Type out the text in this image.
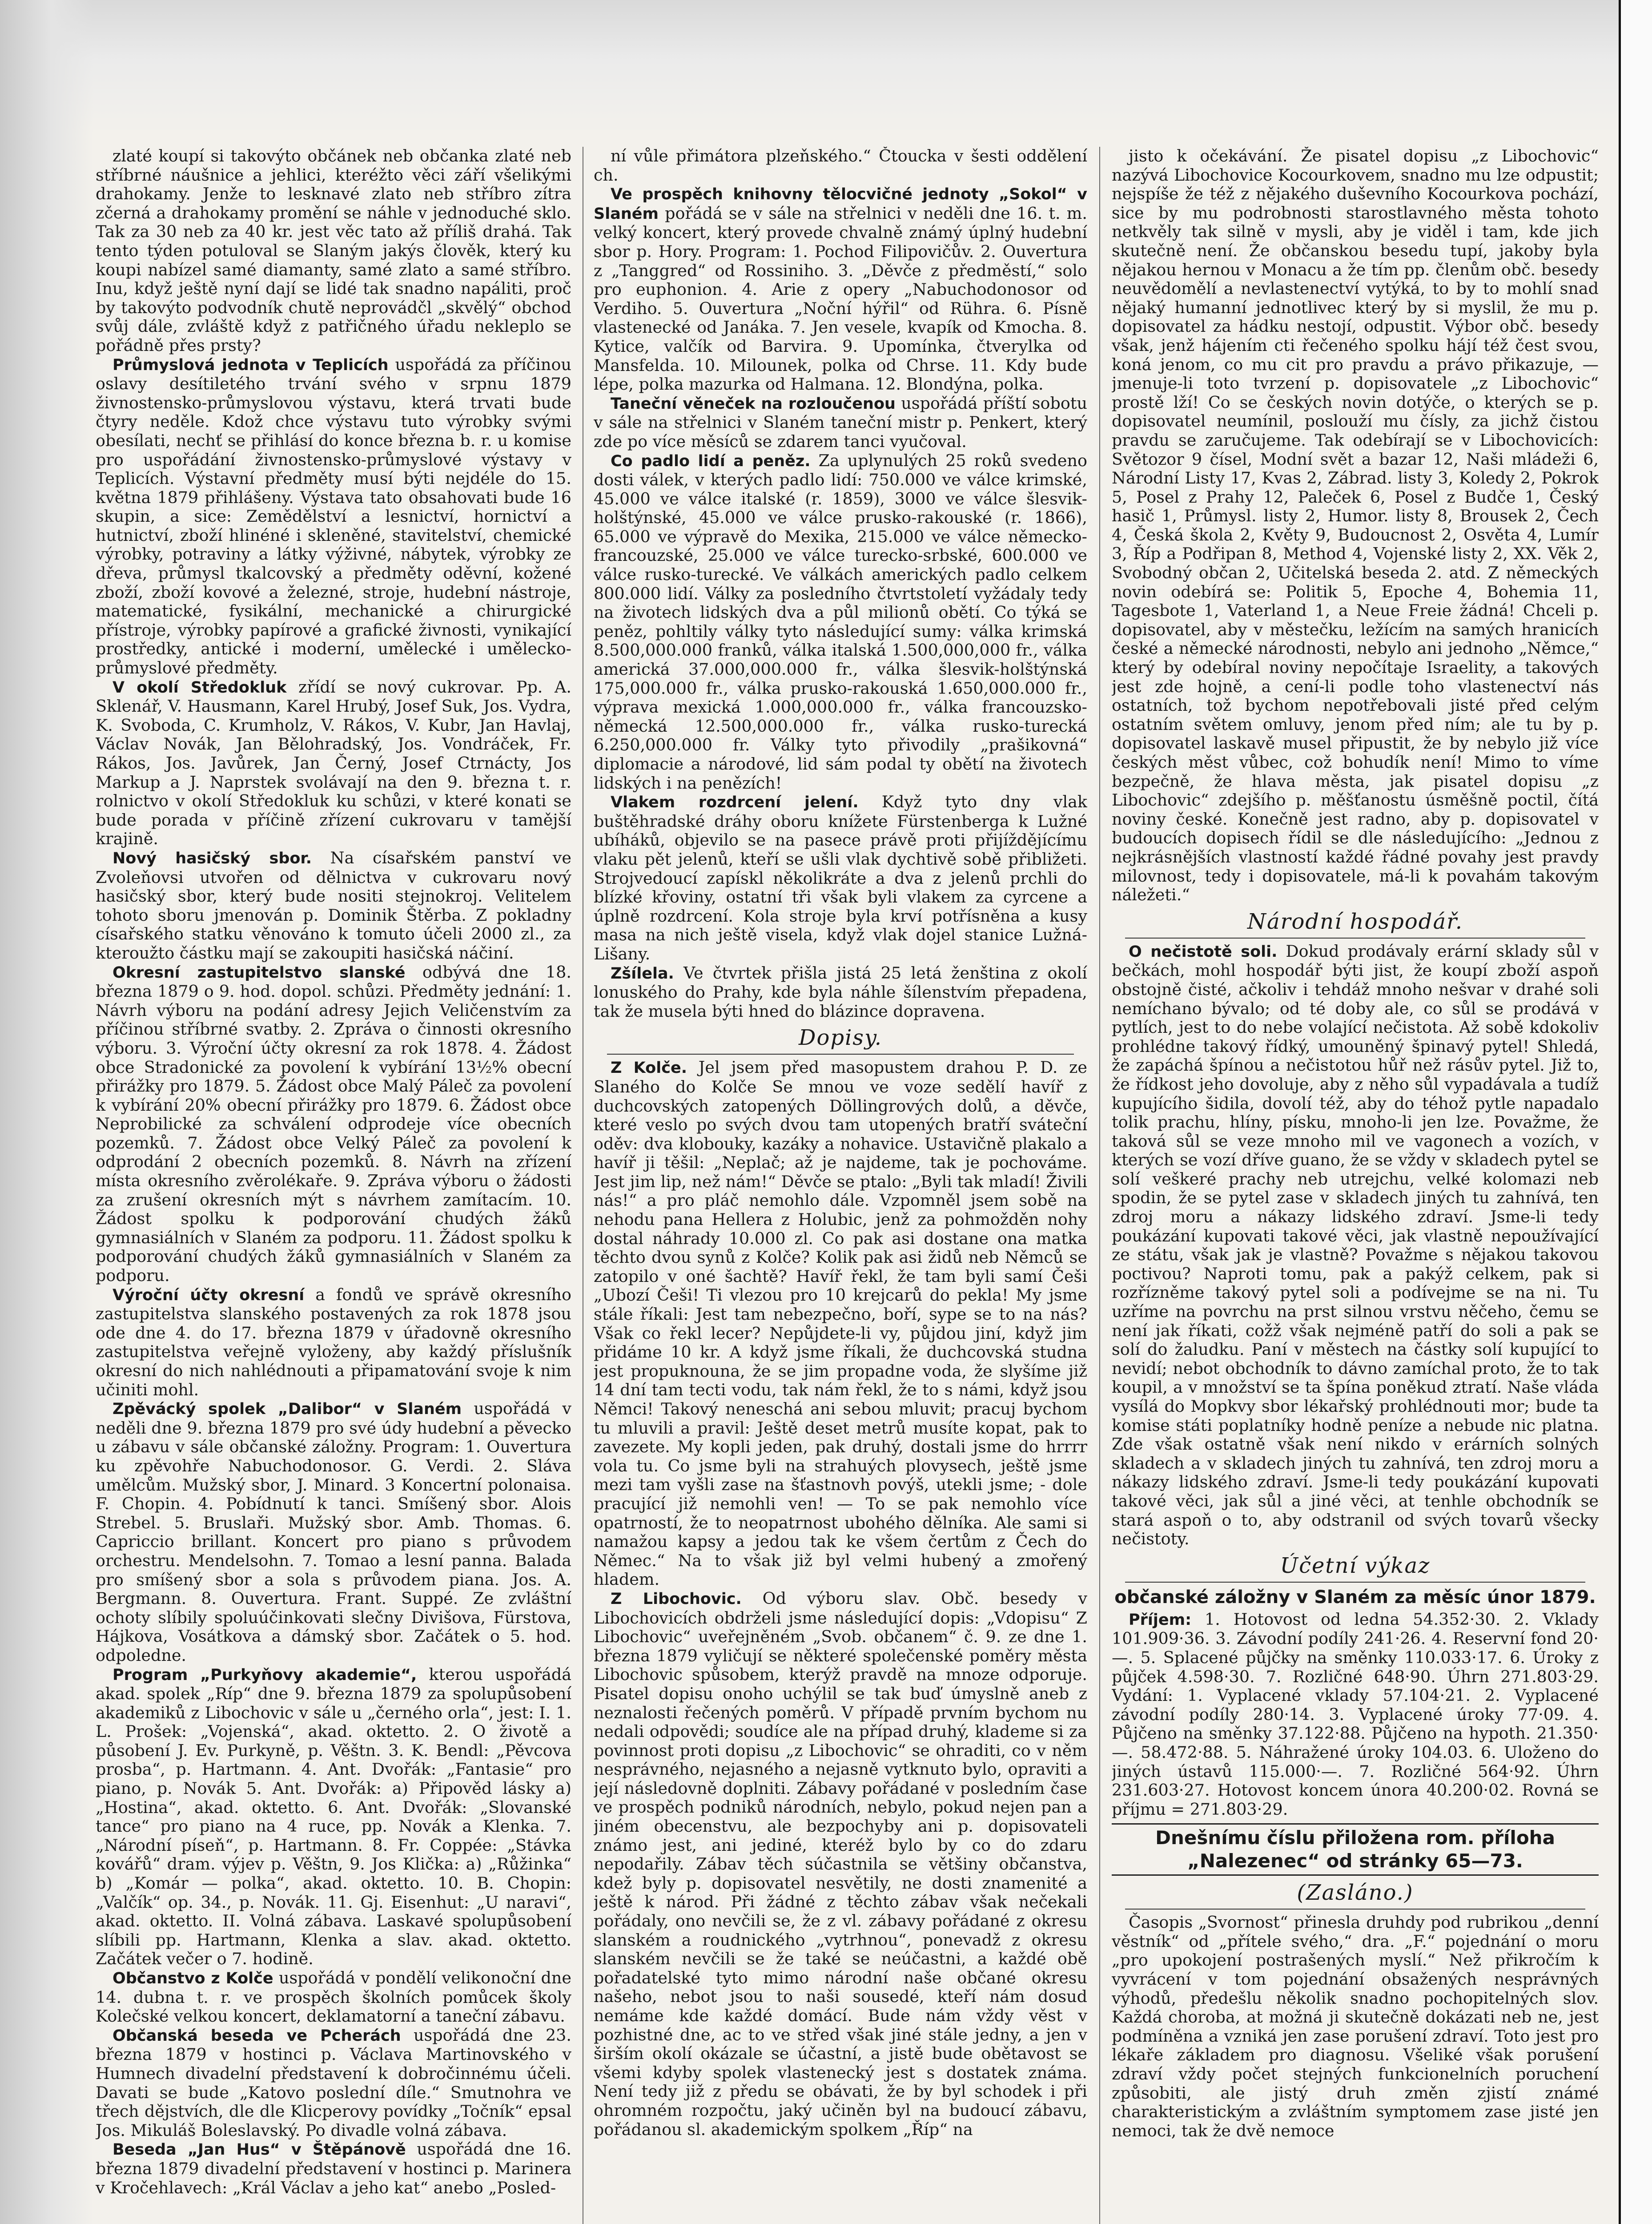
zlaté koupí si takovýto občánek neb občanka zlaté neb stříbrné náušnice a jehlici, kteréžto věci září všelikými drahokamy. Jenže to lesknavé zlato neb stříbro zítra zčerná a drahokamy promění se náhle v jednoduché sklo. Tak za 30 neb za 40 kr. jest věc tato až příliš drahá. Tak tento týden potuloval se Slaným jakýs člověk, který ku koupi nabízel samé diamanty, samé zlato a samé stříbro. Inu, když ještě nyní dají se lidé tak snadno napáliti, proč by takovýto podvodník chutě neprovádčl „skvělý“ obchod svůj dále, zvláště když z patřičného úřadu nekleplo se pořádně přes prsty?

Průmyslová jednota v Teplicích uspořádá za příčinou oslavy desítiletého trvání svého v srpnu 1879 živnostensko-průmyslovou výstavu, která trvati bude čtyry neděle. Kdož chce výstavu tuto výrobky svými obesílati, nechť se přihlásí do konce března b. r. u komise pro uspořádání živnostensko-průmyslové výstavy v Teplicích. Výstavní předměty musí býti nejdéle do 15. května 1879 přihlášeny. Výstava tato obsahovati bude 16 skupin, a sice: Zemědělství a lesnictví, hornictví a hutnictví, zboží hlinéné i skleněné, stavitelství, chemické výrobky, potraviny a látky výživné, nábytek, výrobky ze dřeva, průmysl tkalcovský a předměty oděvní, kožené zboží, zboží kovové a železné, stroje, hudební nástroje, matematické, fysikální, mechanické a chirurgické přístroje, výrobky papírové a grafické živnosti, vynikající prostředky, antické i moderní, umělecké i umělecko-průmyslové předměty.

V okolí Středokluk zřídí se nový cukrovar. Pp. A. Sklenář, V. Hausmann, Karel Hrubý, Josef Suk, Jos. Vydra, K. Svoboda, C. Krumholz, V. Rákos, V. Kubr, Jan Havlaj, Václav Novák, Jan Bělohradský, Jos. Vondráček, Fr. Rákos, Jos. Javůrek, Jan Černý, Josef Ctrnácty, Jos Markup a J. Naprstek svolávají na den 9. března t. r. rolnictvo v okolí Středokluk ku schůzi, v které konati se bude porada v příčině zřízení cukrovaru v tamější krajině.

Nový hasičský sbor. Na císařském panství ve Zvoleňovsi utvořen od dělnictva v cukrovaru nový hasičský sbor, který bude nositi stejnokroj. Velitelem tohoto sboru jmenován p. Dominik Štěrba. Z pokladny císařského statku věnováno k tomuto účeli 2000 zl., za kteroužto částku mají se zakoupiti hasičská náčiní.

Okresní zastupitelstvo slanské odbývá dne 18. března 1879 o 9. hod. dopol. schůzi. Předměty jednání: 1. Návrh výboru na podání adresy Jejich Veličenstvím za příčinou stříbrné svatby. 2. Zpráva o činnosti okresního výboru. 3. Výroční účty okresní za rok 1878. 4. Žádost obce Stradonické za povolení k vybírání 13½% obecní přirážky pro 1879. 5. Žádost obce Malý Páleč za povolení k vybírání 20% obecní přirážky pro 1879. 6. Žádost obce Neprobilické za schválení odprodeje více obecních pozemků. 7. Žádost obce Velký Páleč za povolení k odprodání 2 obecních pozemků. 8. Návrh na zřízení místa okresního zvěrolékaře. 9. Zpráva výboru o žádosti za zrušení okresních mýt s návrhem zamítacím. 10. Žádost spolku k podporování chudých žáků gymnasiálních v Slaném za podporu. 11. Žádost spolku k podporování chudých žáků gymnasiálních v Slaném za podporu.

Výroční účty okresní a fondů ve správě okresního zastupitelstva slanského postavených za rok 1878 jsou ode dne 4. do 17. března 1879 v úřadovně okresního zastupitelstva veřejně vyloženy, aby každý příslušník okresní do nich nahlédnouti a připamatování svoje k nim učiniti mohl.

Zpěvácký spolek „Dalibor“ v Slaném uspořádá v neděli dne 9. března 1879 pro své údy hudební a pěvecko u zábavu v sále občanské záložny. Program: 1. Ouvertura ku zpěvohře Nabuchodonosor. G. Verdi. 2. Sláva umělcům. Mužský sbor, J. Minard. 3 Koncertní polonaisa. F. Chopin. 4. Pobídnutí k tanci. Smíšený sbor. Alois Strebel. 5. Bruslaři. Mužský sbor. Amb. Thomas. 6. Capriccio brillant. Koncert pro piano s průvodem orchestru. Mendelsohn. 7. Tomao a lesní panna. Balada pro smíšený sbor a sola s průvodem piana. Jos. A. Bergmann. 8. Ouvertura. Frant. Suppé. Ze zvláštní ochoty slíbily spoluúčinkovati slečny Divišova, Fürstova, Hájkova, Vosátkova a dámský sbor. Začátek o 5. hod. odpoledne.

Program „Purkyňovy akademie“, kterou uspořádá akad. spolek „Ríp“ dne 9. března 1879 za spolupůsobení akademiků z Libochovic v sále u „černého orla“, jest: I. 1. L. Prošek: „Vojenská“, akad. oktetto. 2. O životě a působení J. Ev. Purkyně, p. Věštn. 3. K. Bendl: „Pěvcova prosba“, p. Hartmann. 4. Ant. Dvořák: „Fantasie“ pro piano, p. Novák 5. Ant. Dvořák: a) Připověd lásky a) „Hostina“, akad. oktetto. 6. Ant. Dvořák: „Slovanské tance“ pro piano na 4 ruce, pp. Novák a Klenka. 7. „Národní píseň“, p. Hartmann. 8. Fr. Coppée: „Stávka kovářů“ dram. výjev p. Věštn, 9. Jos Klička: a) „Růžinka“ b) „Komár — polka“, akad. oktetto. 10. B. Chopin: „Valčík“ op. 34., p. Novák. 11. Gj. Eisenhut: „U naravi“, akad. oktetto. II. Volná zábava. Laskavé spolupůsobení slíbili pp. Hartmann, Klenka a slav. akad. oktetto. Začátek večer o 7. hodině.

Občanstvo z Kolče uspořádá v pondělí velikonoční dne 14. dubna t. r. ve prospěch školních pomůcek školy Kolečské velkou koncert, deklamatorní a taneční zábavu.

Občanská beseda ve Pcherách uspořádá dne 23. března 1879 v hostinci p. Václava Martinovského v Humnech divadelní představení k dobročinnému účeli. Davati se bude „Katovo poslední díle.“ Smutnohra ve třech dějstvích, dle dle Klicperovy povídky „Točník“ epsal Jos. Mikuláš Boleslavský. Po divadle volná zábava.

Beseda „Jan Hus“ v Štěpánově uspořádá dne 16. března 1879 divadelní představení v hostinci p. Marinera v Kročehlavech: „Král Václav a jeho kat“ anebo „Posled-

ní vůle přimátora plzeňského.“ Čtoucka v šesti oddělení ch.

Ve prospěch knihovny tělocvičné jednoty „Sokol“ v Slaném pořádá se v sále na střelnici v neděli dne 16. t. m. velký koncert, který provede chvalně známý úplný hudební sbor p. Hory. Program: 1. Pochod Filipovičův. 2. Ouvertura z „Tanggred“ od Rossiniho. 3. „Děvče z předměstí,“ solo pro euphonion. 4. Arie z opery „Nabuchodonosor od Verdiho. 5. Ouvertura „Noční hýřil“ od Rühra. 6. Písně vlastenecké od Janáka. 7. Jen vesele, kvapík od Kmocha. 8. Kytice, valčík od Barvira. 9. Upomínka, čtverylka od Mansfelda. 10. Milounek, polka od Chrse. 11. Kdy bude lépe, polka mazurka od Halmana. 12. Blondýna, polka.

Taneční věneček na rozloučenou uspořádá příští sobotu v sále na střelnici v Slaném taneční mistr p. Penkert, který zde po více měsíců se zdarem tanci vyučoval.

Co padlo lidí a peněz. Za uplynulých 25 roků svedeno dosti válek, v kterých padlo lidí: 750.000 ve válce krimské, 45.000 ve válce italské (r. 1859), 3000 ve válce šlesvik-holštýnské, 45.000 ve válce prusko-rakouské (r. 1866), 65.000 ve výpravě do Mexika, 215.000 ve válce německo-francouzské, 25.000 ve válce turecko-srbské, 600.000 ve válce rusko-turecké. Ve válkách amerických padlo celkem 800.000 lidí. Války za posledního čtvrtstoletí vyžádaly tedy na životech lidských dva a půl milionů obětí. Co týká se peněz, pohltily války tyto následující sumy: válka krimská 8.500,000.000 franků, válka italská 1.500,000,000 fr., válka americká 37.000,000.000 fr., válka šlesvik-holštýnská 175,000.000 fr., válka prusko-rakouská 1.650,000.000 fr., výprava mexická 1.000,000.000 fr., válka francouzsko-německá 12.500,000.000 fr., válka rusko-turecká 6.250,000.000 fr. Války tyto přivodily „prašikovná“ diplomacie a národové, lid sám podal ty obětí na životech lidských i na penězích!

Vlakem rozdrcení jelení. Když tyto dny vlak buštěhradské dráhy oboru knížete Fürstenberga k Lužné ubíháků, objevilo se na pasece právě proti přijíždějícímu vlaku pět jelenů, kteří se ušli vlak dychtivě sobě přibližeti. Strojvedoucí zapískl několikráte a dva z jelenů prchli do blízké křoviny, ostatní tři však byli vlakem za cyrcene a úplně rozdrcení. Kola stroje byla krví potřísněna a kusy masa na nich ještě visela, když vlak dojel stanice Lužná-Lišany.

Zšílela. Ve čtvrtek přišla jistá 25 letá ženština z okolí lonuského do Prahy, kde byla náhle šílenstvím přepadena, tak že musela býti hned do blázince dopravena.

Dopisy.

Z Kolče. Jel jsem před masopustem drahou P. D. ze Slaného do Kolče Se mnou ve voze sedělí havíř z duchcovských zatopených Döllingrových dolů, a děvče, které veslo po svých dvou tam utopených bratří sváteční oděv: dva klobouky, kazáky a nohavice. Ustavičně plakalo a havíř ji těšil: „Neplač; až je najdeme, tak je pochováme. Jest jim lip, než nám!“ Děvče se ptalo: „Byli tak mladí! Živili nás!“ a pro pláč nemohlo dále. Vzpomněl jsem sobě na nehodu pana Hellera z Holubic, jenž za pohmožděn nohy dostal náhrady 10.000 zl. Co pak asi dostane ona matka těchto dvou synů z Kolče? Kolik pak asi židů neb Němců se zatopilo v oné šachtě? Havíř řekl, že tam byli samí Češi „Ubozí Češi! Ti vlezou pro 10 krejcarů do pekla! My jsme stále říkali: Jest tam nebezpečno, boří, sype se to na nás? Však co řekl lecer? Nepůjdete-li vy, půjdou jiní, když jim přidáme 10 kr. A když jsme říkali, že duchcovská studna jest propuknouna, že se jim propadne voda, že slyšíme již 14 dní tam tecti vodu, tak nám řekl, že to s námi, když jsou Němci! Takový neneschá ani sebou mluvit; pracuj bychom tu mluvili a pravil: Ještě deset metrů musíte kopat, pak to zavezete. My kopli jeden, pak druhý, dostali jsme do hrrrr vola tu. Co jsme byli na strahuých plovysech, ještě jsme mezi tam vyšli zase na šťastnovh povýš, utekli jsme; - dole pracující již nemohli ven! — To se pak nemohlo více opatrností, že to neopatrnost ubohého dělníka. Ale sami si namažou kapsy a jedou tak ke všem čertům z Čech do Němec.“ Na to však již byl velmi hubený a zmořený hladem.

Z Libochovic. Od výboru slav. Obč. besedy v Libochovicích obdrželi jsme následující dopis: „Vdopisu“ Z Libochovic“ uveřejněném „Svob. občanem“ č. 9. ze dne 1. března 1879 vyličují se některé společenské poměry města Libochovic spůsobem, kterýž pravdě na mnoze odporuje. Pisatel dopisu onoho uchýlil se tak buď úmyslně aneb z neznalosti řečených poměrů. V případě prvním bychom nu nedali odpovědi; soudíce ale na případ druhý, klademe si za povinnost proti dopisu „z Libochovic“ se ohraditi, co v něm nesprávného, nejasného a nejasně vytknuto bylo, opraviti a její následovně doplniti. Zábavy pořádané v posledním čase ve prospěch podniků národních, nebylo, pokud nejen pan a jiném obecenstvu, ale bezpochyby ani p. dopisovateli známo jest, ani jediné, kteréž bylo by co do zdaru nepodařily. Zábav těch súčastnila se většiny občanstva, kdež byly p. dopisovatel nesvětily, ne dosti znamenité a ještě k národ. Při žádné z těchto zábav však nečekali pořádaly, ono nevčili se, že z vl. zábavy pořádané z okresu slanském a roudnického „vytrhnou“, ponevadž z okresu slanském nevčili se že také se neúčastni, a každé obě pořadatelské tyto mimo národní naše občané okresu našeho, nebot jsou to naši sousedé, kteří nám dosud nemáme kde každé domácí. Bude nám vždy věst v pozhistné dne, ac to ve střed však jiné stále jedny, a jen v širším okolí okázale se účastní, a jistě bude obětavost se všemi kdyby spolek vlastenecký jest s dostatek známa. Není tedy již z předu se obávati, že by byl schodek i při ohromném rozpočtu, jaký učiněn byl na budoucí zábavu, pořádanou sl. akademickým spolkem „Říp“ na

jisto k očekávání. Že pisatel dopisu „z Libochovic“ nazývá Libochovice Kocourkovem, snadno mu lze odpustit; nejspíše že též z nějakého duševního Kocourkova pochází, sice by mu podrobnosti starostlavného města tohoto netkvěly tak silně v mysli, aby je viděl i tam, kde jich skutečně není. Že občanskou besedu tupí, jakoby byla nějakou hernou v Monacu a že tím pp. členům obč. besedy neuvědomělí a nevlastenectví vytýká, to by to mohlí snad nějaký humanní jednotlivec který by si myslil, že mu p. dopisovatel za hádku nestojí, odpustit. Výbor obč. besedy však, jenž hájením cti řečeného spolku hájí též čest svou, koná jenom, co mu cit pro pravdu a právo přikazuje, — jmenuje-li toto tvrzení p. dopisovatele „z Libochovic“ prostě lží! Co se českých novin dotýče, o kterých se p. dopisovatel neumínil, poslouží mu čísly, za jichž čistou pravdu se zaručujeme. Tak odebírají se v Libochovicích: Světozor 9 čísel, Modní svět a bazar 12, Naši mládeži 6, Národní Listy 17, Kvas 2, Zábrad. listy 3, Koledy 2, Pokrok 5, Posel z Prahy 12, Paleček 6, Posel z Budče 1, Český hasič 1, Průmysl. listy 2, Humor. listy 8, Brousek 2, Čech 4, Česká škola 2, Květy 9, Budoucnost 2, Osvěta 4, Lumír 3, Říp a Podřipan 8, Method 4, Vojenské listy 2, XX. Věk 2, Svobodný občan 2, Učitelská beseda 2. atd. Z německých novin odebírá se: Politik 5, Epoche 4, Bohemia 11, Tagesbote 1, Vaterland 1, a Neue Freie žádná! Chceli p. dopisovatel, aby v městečku, ležícím na samých hranicích české a německé národnosti, nebylo ani jednoho „Němce,“ který by odebíral noviny nepočítaje Israelity, a takových jest zde hojně, a cení-li podle toho vlastenectví nás ostatních, tož bychom nepotřebovali jisté před celým ostatním světem omluvy, jenom před ním; ale tu by p. dopisovatel laskavě musel připustit, že by nebylo již více českých měst vůbec, což bohudík není! Mimo to víme bezpečně, že hlava města, jak pisatel dopisu „z Libochovic“ zdejšího p. měšťanostu úsměšně poctil, čítá noviny české. Konečně jest radno, aby p. dopisovatel v budoucích dopisech řídil se dle následujícího: „Jednou z nejkrásnějších vlastností každé řádné povahy jest pravdy milovnost, tedy i dopisovatele, má-li k povahám takovým náležeti.“

Národní hospodář.

O nečistotě soli. Dokud prodávaly erární sklady sůl v bečkách, mohl hospodář býti jist, že koupí zboží aspoň obstojně čisté, ačkoliv i tehdáž mnoho nešvar v drahé soli nemíchano bývalo; od té doby ale, co sůl se prodává v pytlích, jest to do nebe volající nečistota. Až sobě kdokoliv prohlédne takový řídký, umouněný špinavý pytel! Shledá, že zapáchá špínou a nečistotou hůř než rásův pytel. Již to, že řídkost jeho dovoluje, aby z něho sůl vypadávala a tudíž kupujícího šidila, dovolí též, aby do téhož pytle napadalo tolik prachu, hlíny, písku, mnoho-li jen lze. Považme, že taková sůl se veze mnoho mil ve vagonech a vozích, v kterých se vozí dříve guano, že se vždy v skladech pytel se solí veškeré prachy neb utrejchu, velké kolomazi neb spodin, že se pytel zase v skladech jiných tu zahnívá, ten zdroj moru a nákazy lidského zdraví. Jsme-li tedy poukázání kupovati takové věci, jak vlastně nepoužívající ze státu, však jak je vlastně? Považme s nějakou takovou poctivou? Naproti tomu, pak a pakýž celkem, pak si rozřízněme takový pytel soli a podívejme se na ni. Tu uzříme na povrchu na prst silnou vrstvu něčeho, čemu se není jak říkati, cožž však nejméně patří do soli a pak se solí do žaludku. Paní v městech na částky solí kupující to nevidí; nebot obchodník to dávno zamíchal proto, že to tak koupil, a v množství se ta špína poněkud ztratí. Naše vláda vysílá do Mopkvy sbor lékařský prohlédnouti mor; bude ta komise státi poplatníky hodně peníze a nebude nic platna. Zde však ostatně však není nikdo v erárních solných skladech a v skladech jiných tu zahnívá, ten zdroj moru a nákazy lidského zdraví. Jsme-li tedy poukázání kupovati takové věci, jak sůl a jiné věci, at tenhle obchodník se stará aspoň o to, aby odstranil od svých tovarů všecky nečistoty.

Účetní výkaz
občanské záložny v Slaném za měsíc únor 1879.

Příjem: 1. Hotovost od ledna 54.352·30. 2. Vklady 101.909·36. 3. Závodní podíly 241·26. 4. Reservní fond 20·—. 5. Splacené půjčky na směnky 110.033·17. 6. Úroky z půjček 4.598·30. 7. Rozličné 648·90. Úhrn 271.803·29. Vydání: 1. Vyplacené vklady 57.104·21. 2. Vyplacené závodní podíly 280·14. 3. Vyplacené úroky 77·09. 4. Půjčeno na směnky 37.122·88. Půjčeno na hypoth. 21.350·—. 58.472·88. 5. Náhražené úroky 104.03. 6. Uloženo do jiných ústavů 115.000·—. 7. Rozličné 564·92. Úhrn 231.603·27. Hotovost koncem února 40.200·02. Rovná se příjmu = 271.803·29.

Dnešnímu číslu přiložena rom. příloha „Nalezenec“ od stránky 65—73.
(Zasláno.)

Časopis „Svornost“ přinesla druhdy pod rubrikou „denní věstník“ od „přítele svého,“ dra. „F.“ pojednání o moru „pro upokojení postrašených myslí.“ Než přikročím k vyvrácení v tom pojednání obsažených nesprávných výhodů, předešlu několik snadno pochopitelných slov. Každá choroba, at možná ji skutečně dokázati neb ne, jest podmíněna a vzniká jen zase porušení zdraví. Toto jest pro lékaře základem pro diagnosu. Všeliké však porušení zdraví vždy počet stejných funkcionelních poruchení způsobiti, ale jistý druh změn zjistí známé charakteristickým a zvláštním symptomem zase jisté jen nemoci, tak že dvě nemoce
